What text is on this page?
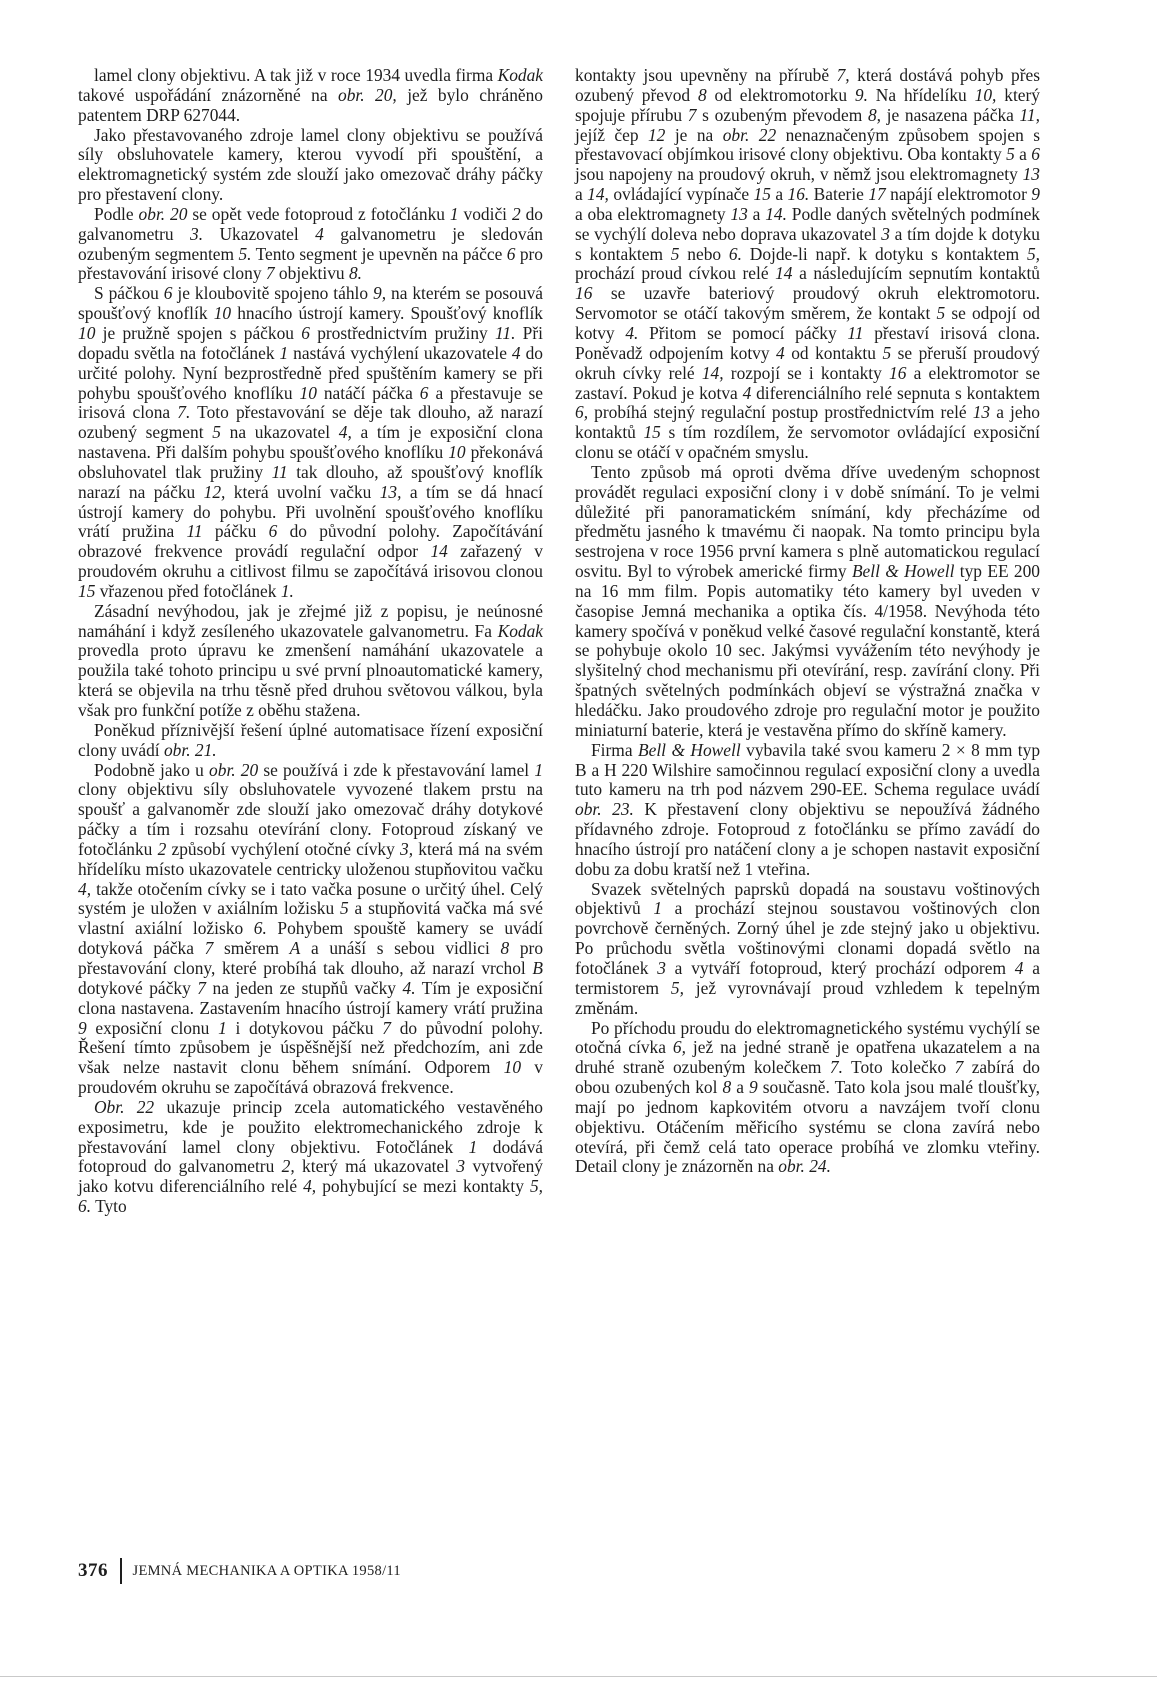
lamel clony objektivu. A tak již v roce 1934 uvedla firma Kodak takové uspořádání znázorněné na obr. 20, jež bylo chráněno patentem DRP 627044.

Jako přestavovaného zdroje lamel clony objektivu se používá síly obsluhovatele kamery, kterou vyvodí při spouštění, a elektromagnetický systém zde slouží jako omezovač dráhy páčky pro přestavení clony.

Podle obr. 20 se opět vede fotoproud z fotočlánku 1 vodiči 2 do galvanometru 3. Ukazovatel 4 galvanometru je sledován ozubeným segmentem 5. Tento segment je upevněn na páčce 6 pro přestavování irisové clony 7 objektivu 8.

S páčkou 6 je kloubovitě spojeno táhlo 9, na kterém se posouvá spoušťový knoflík 10 hnacího ústrojí kamery. Spoušťový knoflík 10 je pružně spojen s páčkou 6 prostřednictvím pružiny 11. Při dopadu světla na fotočlánek 1 nastává vychýlení ukazovatele 4 do určité polohy. Nyní bezprostředně před spuštěním kamery se při pohybu spoušťového knoflíku 10 natáčí páčka 6 a přestavuje se irisová clona 7. Toto přestavování se děje tak dlouho, až narazí ozubený segment 5 na ukazovatel 4, a tím je exposiční clona nastavena. Při dalším pohybu spoušťového knoflíku 10 překonává obsluhovatel tlak pružiny 11 tak dlouho, až spoušťový knoflík narazí na páčku 12, která uvolní vačku 13, a tím se dá hnací ústrojí kamery do pohybu. Při uvolnění spoušťového knoflíku vrátí pružina 11 páčku 6 do původní polohy. Započítávání obrazové frekvence provádí regulační odpor 14 zařazený v proudovém okruhu a citlivost filmu se započítává irisovou clonou 15 vřazenou před fotočlánek 1.

Zásadní nevýhodou, jak je zřejmé již z popisu, je neúnosné namáhání i když zesíleného ukazovatele galvanometru. Fa Kodak provedla proto úpravu ke zmenšení namáhání ukazovatele a použila také tohoto principu u své první plnoautomatické kamery, která se objevila na trhu těsně před druhou světovou válkou, byla však pro funkční potíže z oběhu stažena.

Poněkud příznivější řešení úplné automatisace řízení exposiční clony uvádí obr. 21.

Podobně jako u obr. 20 se používá i zde k přestavování lamel 1 clony objektivu síly obsluhovatele vyvozené tlakem prstu na spoušť a galvanoměr zde slouží jako omezovač dráhy dotykové páčky a tím i rozsahu otevírání clony. Fotoproud získaný ve fotočlánku 2 způsobí vychýlení otočné cívky 3, která má na svém hřídelíku místo ukazovatele centricky uloženou stupňovitou vačku 4, takže otočením cívky se i tato vačka posune o určitý úhel. Celý systém je uložen v axiálním ložisku 5 a stupňovitá vačka má své vlastní axiální ložisko 6. Pohybem spouště kamery se uvádí dotyková páčka 7 směrem A a unáší s sebou vidlici 8 pro přestavování clony, které probíhá tak dlouho, až narazí vrchol B dotykové páčky 7 na jeden ze stupňů vačky 4. Tím je exposiční clona nastavena. Zastavením hnacího ústrojí kamery vrátí pružina 9 exposiční clonu 1 i dotykovou páčku 7 do původní polohy. Řešení tímto způsobem je úspěšnější než předchozím, ani zde však nelze nastavit clonu během snímání. Odporem 10 v proudovém okruhu se započítává obrazová frekvence.

Obr. 22 ukazuje princip zcela automatického vestavěného exposimetru, kde je použito elektromechanického zdroje k přestavování lamel clony objektivu. Fotočlánek 1 dodává fotoproud do galvanometru 2, který má ukazovatel 3 vytvořený jako kotvu diferenciálního relé 4, pohybující se mezi kontakty 5, 6. Tyto

kontakty jsou upevněny na přírubě 7, která dostává pohyb přes ozubený převod 8 od elektromotorku 9. Na hřídelíku 10, který spojuje přírubu 7 s ozubeným převodem 8, je nasazena páčka 11, jejíž čep 12 je na obr. 22 nenaznačeným způsobem spojen s přestavovací objímkou irisové clony objektivu. Oba kontakty 5 a 6 jsou napojeny na proudový okruh, v němž jsou elektromagnety 13 a 14, ovládající vypínače 15 a 16. Baterie 17 napájí elektromotor 9 a oba elektromagnety 13 a 14. Podle daných světelných podmínek se vychýlí doleva nebo doprava ukazovatel 3 a tím dojde k dotyku s kontaktem 5 nebo 6. Dojde-li např. k dotyku s kontaktem 5, prochází proud cívkou relé 14 a následujícím sepnutím kontaktů 16 se uzavře bateriový proudový okruh elektromotoru. Servomotor se otáčí takovým směrem, že kontakt 5 se odpojí od kotvy 4. Přitom se pomocí páčky 11 přestaví irisová clona. Poněvadž odpojením kotvy 4 od kontaktu 5 se přeruší proudový okruh cívky relé 14, rozpojí se i kontakty 16 a elektromotor se zastaví. Pokud je kotva 4 diferenciálního relé sepnuta s kontaktem 6, probíhá stejný regulační postup prostřednictvím relé 13 a jeho kontaktů 15 s tím rozdílem, že servomotor ovládající exposiční clonu se otáčí v opačném smyslu.

Tento způsob má oproti dvěma dříve uvedeným schopnost provádět regulaci exposiční clony i v době snímání. To je velmi důležité při panoramatickém snímání, kdy přecházíme od předmětu jasného k tmavému či naopak. Na tomto principu byla sestrojena v roce 1956 první kamera s plně automatickou regulací osvitu. Byl to výrobek americké firmy Bell & Howell typ EE 200 na 16 mm film. Popis automatiky této kamery byl uveden v časopise Jemná mechanika a optika čís. 4/1958. Nevýhoda této kamery spočívá v poněkud velké časové regulační konstantě, která se pohybuje okolo 10 sec. Jakýmsi vyvážením této nevýhody je slyšitelný chod mechanismu při otevírání, resp. zavírání clony. Při špatných světelných podmínkách objeví se výstražná značka v hledáčku. Jako proudového zdroje pro regulační motor je použito miniaturní baterie, která je vestavěna přímo do skříně kamery.

Firma Bell & Howell vybavila také svou kameru 2 × 8 mm typ B a H 220 Wilshire samočinnou regulací exposiční clony a uvedla tuto kameru na trh pod názvem 290-EE. Schema regulace uvádí obr. 23. K přestavení clony objektivu se nepoužívá žádného přídavného zdroje. Fotoproud z fotočlánku se přímo zavádí do hnacího ústrojí pro natáčení clony a je schopen nastavit exposiční dobu za dobu kratší než 1 vteřina.

Svazek světelných paprsků dopadá na soustavu voštinových objektivů 1 a prochází stejnou soustavou voštinových clon povrchově černěných. Zorný úhel je zde stejný jako u objektivu. Po průchodu světla voštinovými clonami dopadá světlo na fotočlánek 3 a vytváří fotoproud, který prochází odporem 4 a termistorem 5, jež vyrovnávají proud vzhledem k tepelným změnám.

Po příchodu proudu do elektromagnetického systému vychýlí se otočná cívka 6, jež na jedné straně je opatřena ukazatelem a na druhé straně ozubeným kolečkem 7. Toto kolečko 7 zabírá do obou ozubených kol 8 a 9 současně. Tato kola jsou malé tloušťky, mají po jednom kapkovitém otvoru a navzájem tvoří clonu objektivu. Otáčením měřicího systému se clona zavírá nebo otevírá, při čemž celá tato operace probíhá ve zlomku vteřiny. Detail clony je znázorněn na obr. 24.

376 JEMNÁ MECHANIKA A OPTIKA 1958/11
